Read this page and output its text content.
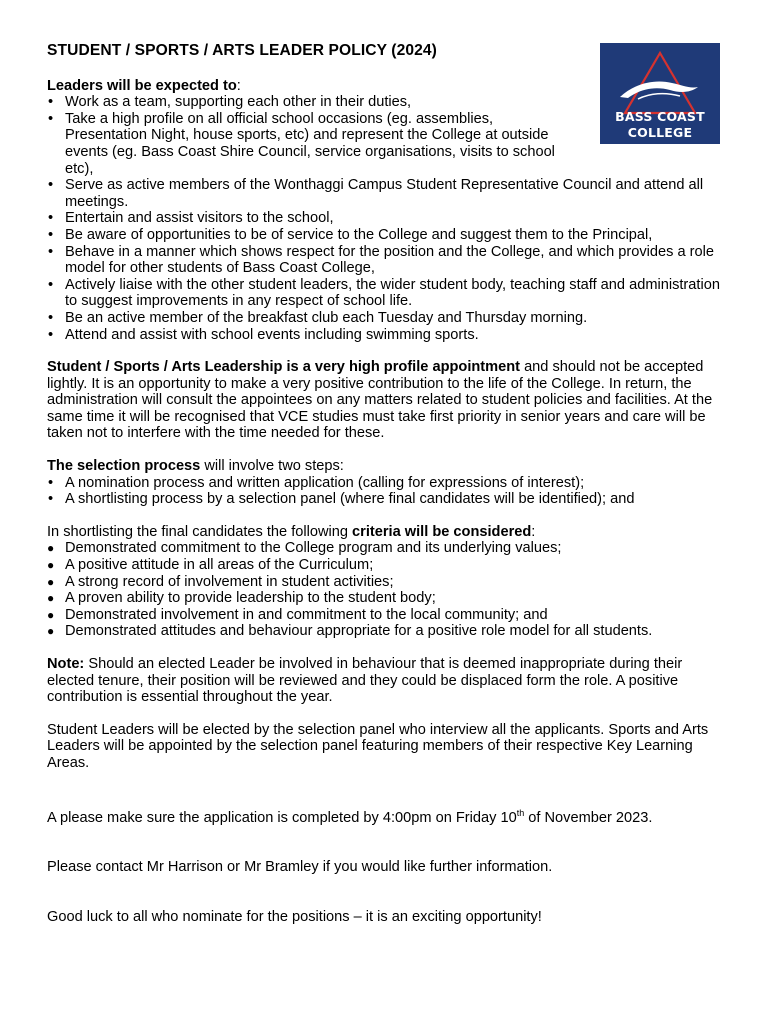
BASS COAST
COLLEGE
STUDENT / SPORTS / ARTS LEADER POLICY (2024)

Leaders will be expected to:

• Work as a team, supporting each other in their duties,
• Take a high profile on all official school occasions (eg. assemblies, Presentation Night, house sports, etc) and represent the College at outside events (eg. Bass Coast Shire Council, service organisations, visits to school etc),
• Serve as active members of the Wonthaggi Campus Student Representative Council and attend all meetings.
• Entertain and assist visitors to the school,
• Be aware of opportunities to be of service to the College and suggest them to the Principal,
• Behave in a manner which shows respect for the position and the College, and which provides a role model for other students of Bass Coast College,
• Actively liaise with the other student leaders, the wider student body, teaching staff and administration to suggest improvements in any respect of school life.
• Be an active member of the breakfast club each Tuesday and Thursday morning.
• Attend and assist with school events including swimming sports.

Student / Sports / Arts Leadership is a very high profile appointment and should not be accepted lightly. It is an opportunity to make a very positive contribution to the life of the College. In return, the administration will consult the appointees on any matters related to student policies and facilities. At the same time it will be recognised that VCE studies must take first priority in senior years and care will be taken not to interfere with the time needed for these.

The selection process will involve two steps:

• A nomination process and written application (calling for expressions of interest);
• A shortlisting process by a selection panel (where final candidates will be identified); and

In shortlisting the final candidates the following criteria will be considered:

● Demonstrated commitment to the College program and its underlying values;
● A positive attitude in all areas of the Curriculum;
● A strong record of involvement in student activities;
● A proven ability to provide leadership to the student body;
● Demonstrated involvement in and commitment to the local community; and
● Demonstrated attitudes and behaviour appropriate for a positive role model for all students.

Note: Should an elected Leader be involved in behaviour that is deemed inappropriate during their elected tenure, their position will be reviewed and they could be displaced form the role. A positive contribution is essential throughout the year.

Student Leaders will be elected by the selection panel who interview all the applicants. Sports and Arts Leaders will be appointed by the selection panel featuring members of their respective Key Learning Areas.

A please make sure the application is completed by 4:00pm on Friday 10th of November 2023.

Please contact Mr Harrison or Mr Bramley if you would like further information.

Good luck to all who nominate for the positions – it is an exciting opportunity!
